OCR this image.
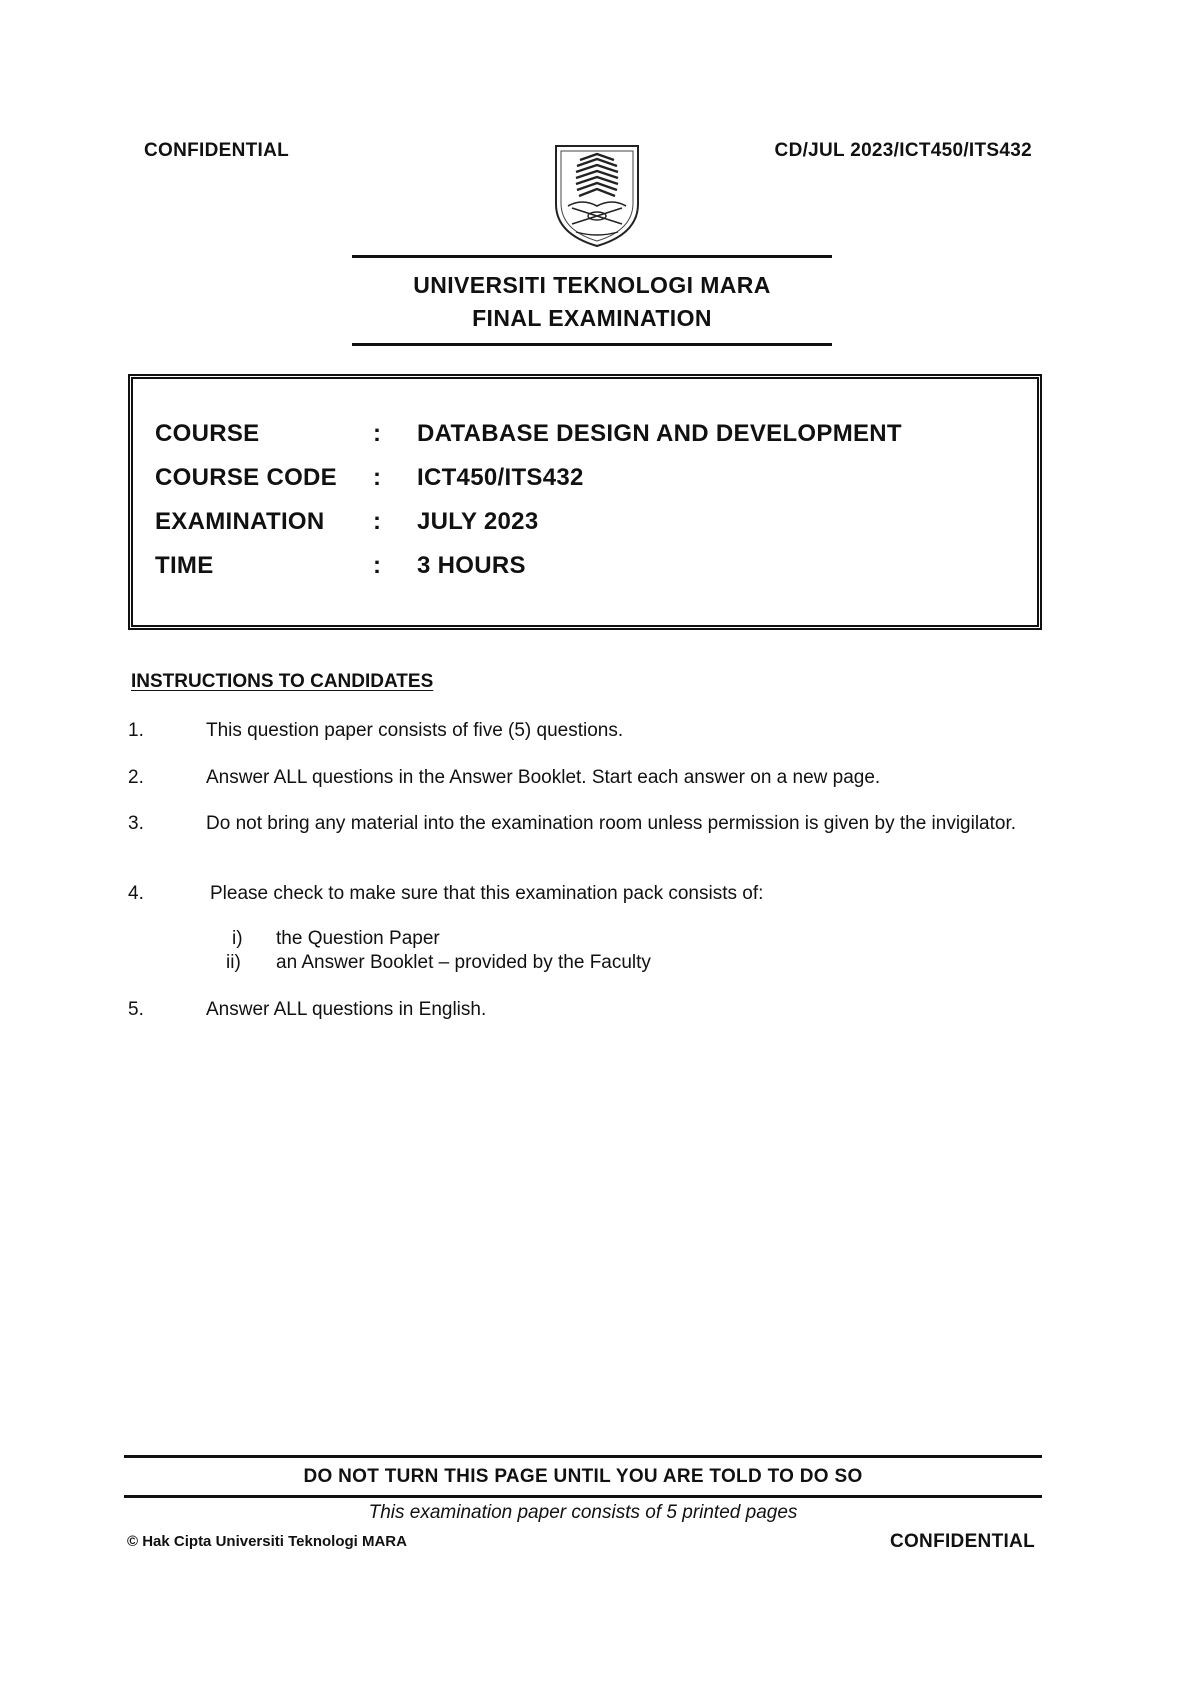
CONFIDENTIAL	CD/JUL 2023/ICT450/ITS432
UNIVERSITI TEKNOLOGI MARA
FINAL EXAMINATION
COURSE	: DATABASE DESIGN AND DEVELOPMENT
COURSE CODE	: ICT450/ITS432
EXAMINATION	: JULY 2023
TIME	: 3 HOURS
INSTRUCTIONS TO CANDIDATES
1.	This question paper consists of five (5) questions.
2.	Answer ALL questions in the Answer Booklet. Start each answer on a new page.
3.	Do not bring any material into the examination room unless permission is given by the invigilator.
4.	Please check to make sure that this examination pack consists of:
i) the Question Paper
ii) an Answer Booklet – provided by the Faculty
5.	Answer ALL questions in English.
DO NOT TURN THIS PAGE UNTIL YOU ARE TOLD TO DO SO
This examination paper consists of 5 printed pages
© Hak Cipta Universiti Teknologi MARA	CONFIDENTIAL
